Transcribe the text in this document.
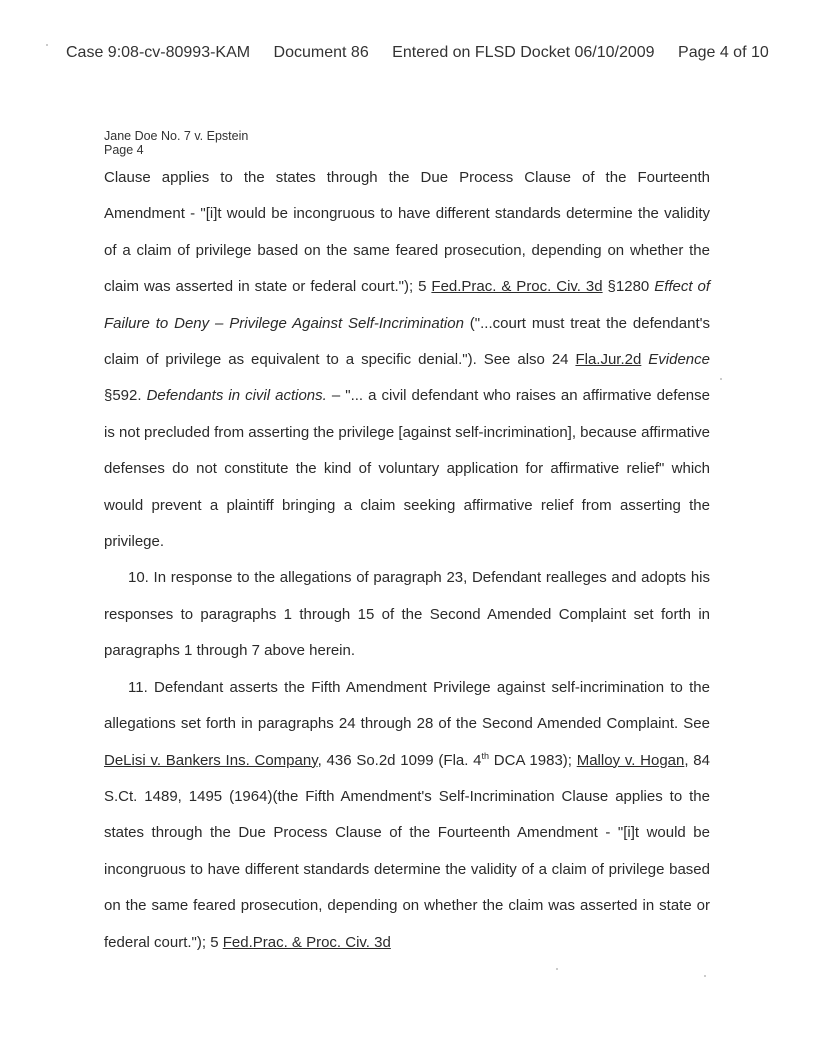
Case 9:08-cv-80993-KAM Document 86 Entered on FLSD Docket 06/10/2009 Page 4 of 10
Jane Doe No. 7 v. Epstein
Page 4

Clause applies to the states through the Due Process Clause of the Fourteenth Amendment - "[i]t would be incongruous to have different standards determine the validity of a claim of privilege based on the same feared prosecution, depending on whether the claim was asserted in state or federal court."); 5 Fed.Prac. & Proc. Civ. 3d §1280 Effect of Failure to Deny – Privilege Against Self-Incrimination ("...court must treat the defendant's claim of privilege as equivalent to a specific denial."). See also 24 Fla.Jur.2d Evidence §592. Defendants in civil actions. – "... a civil defendant who raises an affirmative defense is not precluded from asserting the privilege [against self-incrimination], because affirmative defenses do not constitute the kind of voluntary application for affirmative relief" which would prevent a plaintiff bringing a claim seeking affirmative relief from asserting the privilege.

10. In response to the allegations of paragraph 23, Defendant realleges and adopts his responses to paragraphs 1 through 15 of the Second Amended Complaint set forth in paragraphs 1 through 7 above herein.

11. Defendant asserts the Fifth Amendment Privilege against self-incrimination to the allegations set forth in paragraphs 24 through 28 of the Second Amended Complaint. See DeLisi v. Bankers Ins. Company, 436 So.2d 1099 (Fla. 4th DCA 1983); Malloy v. Hogan, 84 S.Ct. 1489, 1495 (1964)(the Fifth Amendment's Self-Incrimination Clause applies to the states through the Due Process Clause of the Fourteenth Amendment - "[i]t would be incongruous to have different standards determine the validity of a claim of privilege based on the same feared prosecution, depending on whether the claim was asserted in state or federal court."); 5 Fed.Prac. & Proc. Civ. 3d
